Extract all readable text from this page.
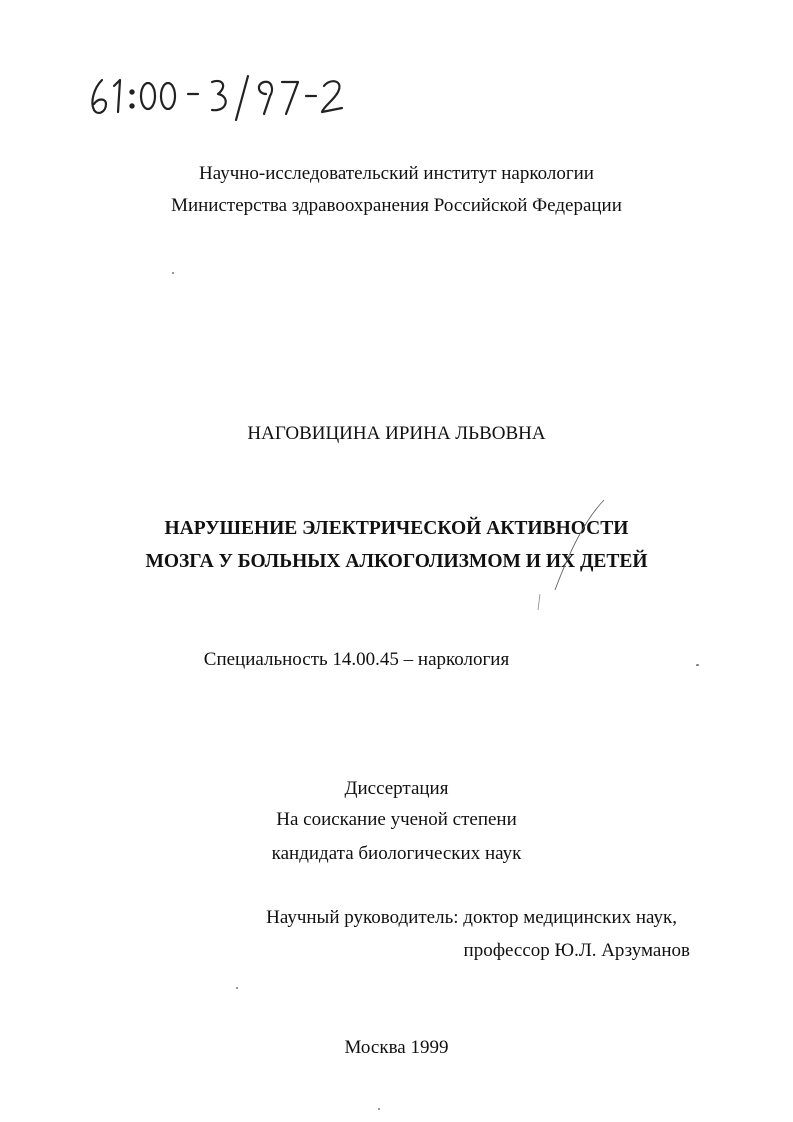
Научно-исследовательский институт наркологии
Министерства здравоохранения Российской Федерации
НАГОВИЦИНА ИРИНА ЛЬВОВНА
НАРУШЕНИЕ ЭЛЕКТРИЧЕСКОЙ АКТИВНОСТИ
МОЗГА У БОЛЬНЫХ АЛКОГОЛИЗМОМ И ИХ ДЕТЕЙ
Специальность 14.00.45 – наркология
Диссертация
На соискание ученой степени
кандидата биологических наук
Научный руководитель: доктор медицинских наук,
профессор Ю.Л. Арзуманов
Москва 1999
